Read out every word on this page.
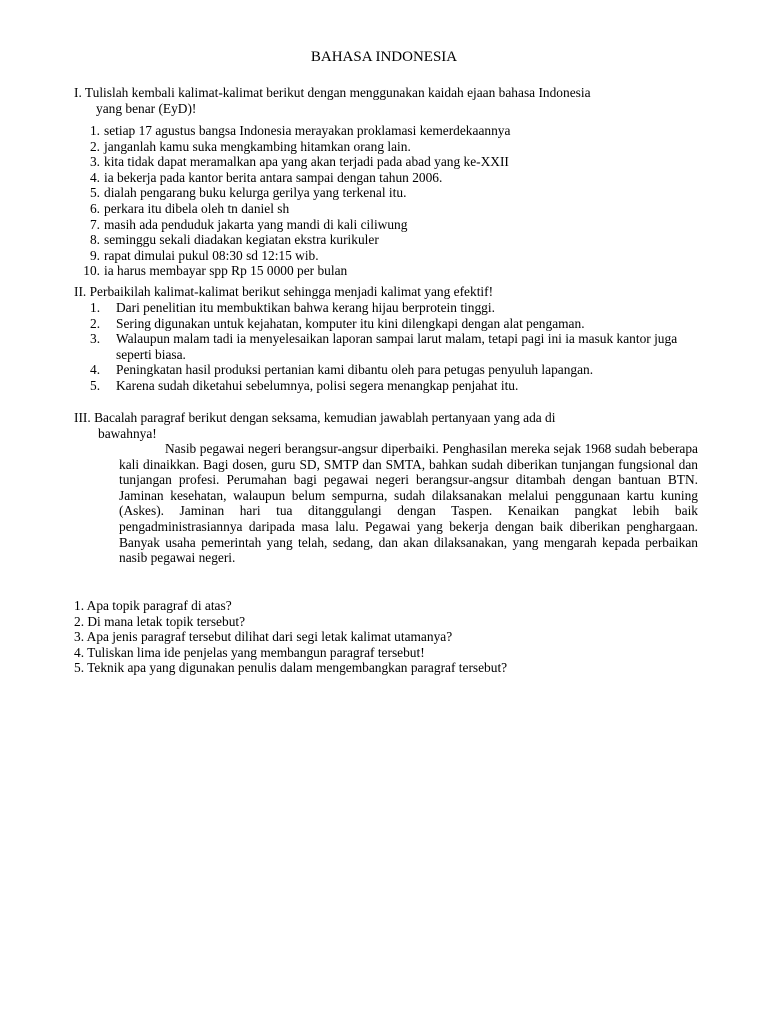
BAHASA INDONESIA
I. Tulislah kembali kalimat-kalimat berikut dengan menggunakan kaidah ejaan bahasa Indonesia
yang benar (EyD)!
1. setiap 17 agustus bangsa Indonesia merayakan proklamasi kemerdekaannya
2. janganlah kamu suka mengkambing hitamkan orang lain.
3. kita tidak dapat meramalkan apa yang akan terjadi pada abad yang ke-XXII
4. ia bekerja pada kantor berita antara sampai dengan tahun 2006.
5. dialah pengarang buku kelurga gerilya yang terkenal itu.
6. perkara itu dibela oleh tn daniel sh
7. masih ada penduduk jakarta yang mandi di kali ciliwung
8. seminggu sekali diadakan kegiatan ekstra kurikuler
9. rapat dimulai pukul 08:30 sd 12:15 wib.
10. ia harus membayar spp Rp 15 0000 per bulan
II. Perbaikilah kalimat-kalimat berikut sehingga menjadi kalimat yang efektif!
1. Dari penelitian itu membuktikan bahwa kerang hijau berprotein tinggi.
2. Sering digunakan untuk kejahatan, komputer itu kini dilengkapi dengan alat pengaman.
3. Walaupun malam tadi ia menyelesaikan laporan sampai larut malam, tetapi pagi ini ia masuk kantor juga seperti biasa.
4. Peningkatan hasil produksi pertanian kami dibantu oleh para petugas penyuluh lapangan.
5. Karena sudah diketahui sebelumnya, polisi segera menangkap penjahat itu.
III. Bacalah paragraf berikut dengan seksama, kemudian jawablah pertanyaan yang ada di
bawahnya!
Nasib pegawai negeri berangsur-angsur diperbaiki. Penghasilan mereka sejak 1968 sudah beberapa kali dinaikkan. Bagi dosen, guru SD, SMTP dan SMTA, bahkan sudah diberikan tunjangan fungsional dan tunjangan profesi. Perumahan bagi pegawai negeri berangsur-angsur ditambah dengan bantuan BTN. Jaminan kesehatan, walaupun belum sempurna, sudah dilaksanakan melalui penggunaan kartu kuning (Askes). Jaminan hari tua ditanggulangi dengan Taspen. Kenaikan pangkat lebih baik pengadministrasiannya daripada masa lalu. Pegawai yang bekerja dengan baik diberikan penghargaan. Banyak usaha pemerintah yang telah, sedang, dan akan dilaksanakan, yang mengarah kepada perbaikan nasib pegawai negeri.
1. Apa topik paragraf di atas?
2. Di mana letak topik tersebut?
3. Apa jenis paragraf tersebut dilihat dari segi letak kalimat utamanya?
4. Tuliskan lima ide penjelas yang membangun paragraf tersebut!
5. Teknik apa yang digunakan penulis dalam mengembangkan paragraf tersebut?
